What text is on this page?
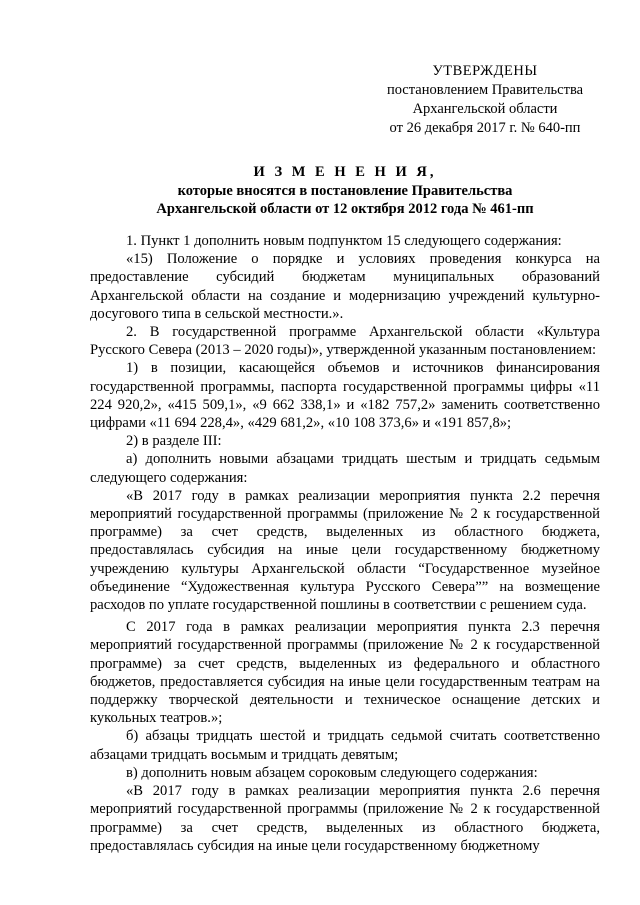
УТВЕРЖДЕНЫ
постановлением Правительства
Архангельской области
от 26 декабря 2017 г. № 640-пп
И З М Е Н Е Н И Я,
которые вносятся в постановление Правительства
Архангельской области от 12 октября 2012 года № 461-пп

1. Пункт 1 дополнить новым подпунктом 15 следующего содержания:

«15) Положение о порядке и условиях проведения конкурса на предоставление субсидий бюджетам муниципальных образований Архангельской области на создание и модернизацию учреждений культурно-досугового типа в сельской местности.».

2. В государственной программе Архангельской области «Культура Русского Севера (2013 – 2020 годы)», утвержденной указанным постановлением:

1) в позиции, касающейся объемов и источников финансирования государственной программы, паспорта государственной программы цифры «11 224 920,2», «415 509,1», «9 662 338,1» и «182 757,2» заменить соответственно цифрами «11 694 228,4», «429 681,2», «10 108 373,6» и «191 857,8»;

2) в разделе III:

а) дополнить новыми абзацами тридцать шестым и тридцать седьмым следующего содержания:

«В 2017 году в рамках реализации мероприятия пункта 2.2 перечня мероприятий государственной программы (приложение № 2 к государственной программе) за счет средств, выделенных из областного бюджета, предоставлялась субсидия на иные цели государственному бюджетному учреждению культуры Архангельской области “Государственное музейное объединение “Художественная культура Русского Севера”” на возмещение расходов по уплате государственной пошлины в соответствии с решением суда.

С 2017 года в рамках реализации мероприятия пункта 2.3 перечня мероприятий государственной программы (приложение № 2 к государственной программе) за счет средств, выделенных из федерального и областного бюджетов, предоставляется субсидия на иные цели государственным театрам на поддержку творческой деятельности и техническое оснащение детских и кукольных театров.»;

б) абзацы тридцать шестой и тридцать седьмой считать соответственно абзацами тридцать восьмым и тридцать девятым;

в) дополнить новым абзацем сороковым следующего содержания:

«В 2017 году в рамках реализации мероприятия пункта 2.6 перечня мероприятий государственной программы (приложение № 2 к государственной программе) за счет средств, выделенных из областного бюджета, предоставлялась субсидия на иные цели государственному бюджетному
